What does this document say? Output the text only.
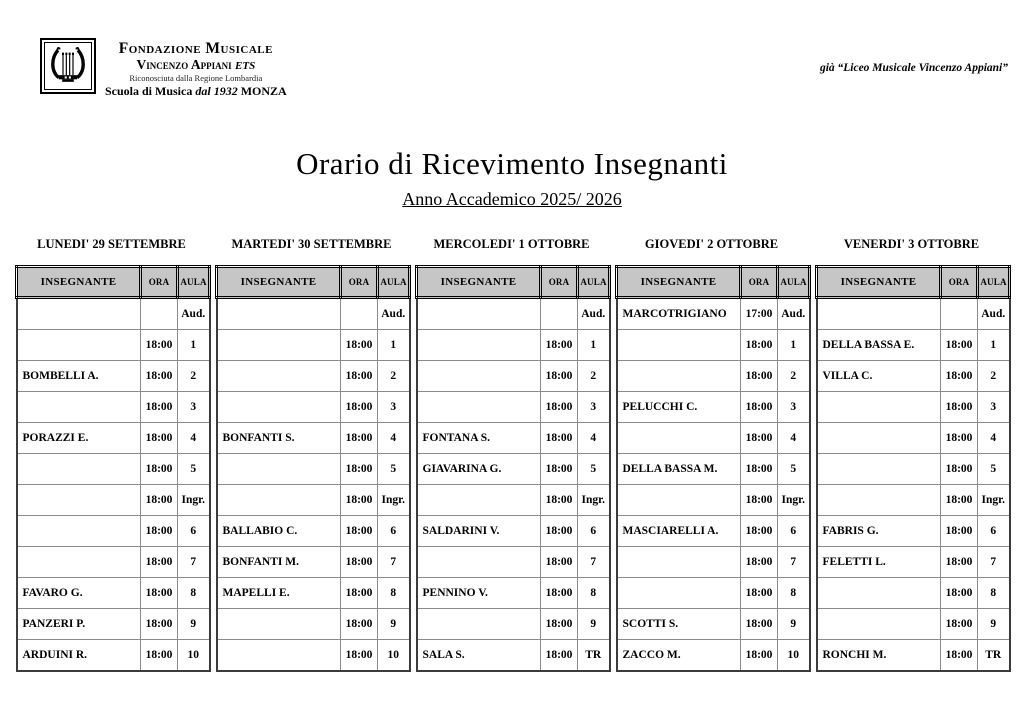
Fondazione Musicale
Vincenzo Appiani ETS
Riconosciuta dalla Regione Lombardia
Scuola di Musica dal 1932 MONZA
già “Liceo Musicale Vincenzo Appiani”
Orario di Ricevimento Insegnanti
Anno Accademico 2025/ 2026
LUNEDI' 29 SETTEMBRE
INSEGNANTE	ORA	AULA
		Aud.
	18:00	1
BOMBELLI A.	18:00	2
	18:00	3
PORAZZI E.	18:00	4
	18:00	5
	18:00	Ingr.
	18:00	6
	18:00	7
FAVARO G.	18:00	8
PANZERI P.	18:00	9
ARDUINI R.	18:00	10
MARTEDI' 30 SETTEMBRE
INSEGNANTE	ORA	AULA
		Aud.
	18:00	1
	18:00	2
	18:00	3
BONFANTI S.	18:00	4
	18:00	5
	18:00	Ingr.
BALLABIO C.	18:00	6
BONFANTI M.	18:00	7
MAPELLI E.	18:00	8
	18:00	9
	18:00	10
MERCOLEDI' 1 OTTOBRE
INSEGNANTE	ORA	AULA
		Aud.
	18:00	1
	18:00	2
	18:00	3
FONTANA S.	18:00	4
GIAVARINA G.	18:00	5
	18:00	Ingr.
SALDARINI V.	18:00	6
	18:00	7
PENNINO V.	18:00	8
	18:00	9
SALA S.	18:00	TR
GIOVEDI' 2 OTTOBRE
INSEGNANTE	ORA	AULA
MARCOTRIGIANO	17:00	Aud.
	18:00	1
	18:00	2
PELUCCHI C.	18:00	3
	18:00	4
DELLA BASSA M.	18:00	5
	18:00	Ingr.
MASCIARELLI A.	18:00	6
	18:00	7
	18:00	8
SCOTTI S.	18:00	9
ZACCO M.	18:00	10
VENERDI' 3 OTTOBRE
INSEGNANTE	ORA	AULA
		Aud.
DELLA BASSA E.	18:00	1
VILLA C.	18:00	2
	18:00	3
	18:00	4
	18:00	5
	18:00	Ingr.
FABRIS G.	18:00	6
FELETTI L.	18:00	7
	18:00	8
	18:00	9
RONCHI M.	18:00	TR
